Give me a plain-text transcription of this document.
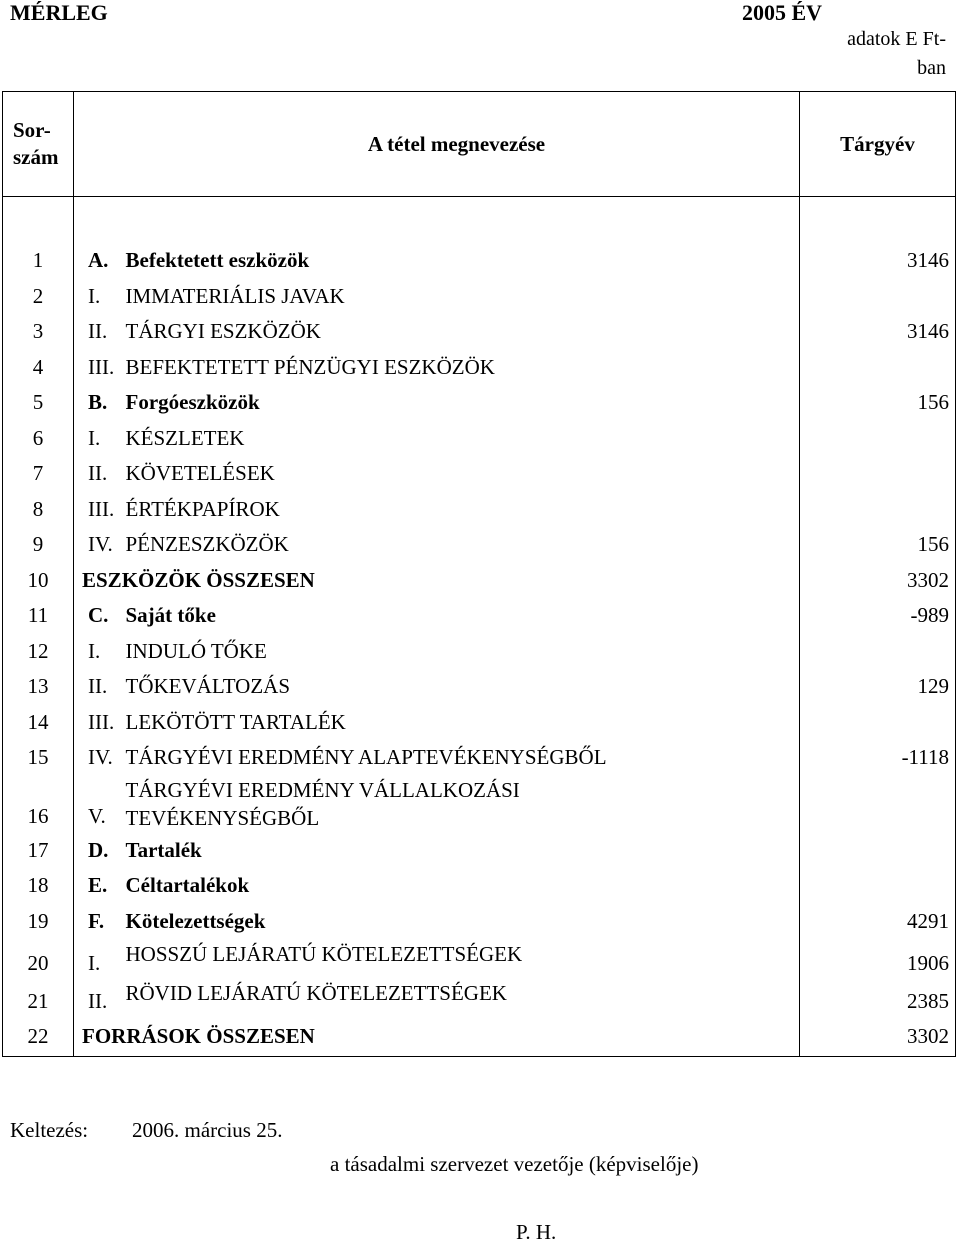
MÉRLEG	2005 ÉV
adatok E Ft-
ban
Sor-
szám	A tétel megnevezése		Tárgyév

1	A.	Befektetett eszközök	3146
2	I.	IMMATERIÁLIS JAVAK	
3	II.	TÁRGYI ESZKÖZÖK	3146
4	III.	BEFEKTETETT PÉNZÜGYI ESZKÖZÖK	
5	B.	Forgóeszközök	156
6	I.	KÉSZLETEK	
7	II.	KÖVETELÉSEK	
8	III.	ÉRTÉKPAPÍROK	
9	IV.	PÉNZESZKÖZÖK	156
10	ESZKÖZÖK ÖSSZESEN		3302
11	C.	Saját tőke	-989
12	I.	INDULÓ TŐKE	
13	II.	TŐKEVÁLTOZÁS	129
14	III.	LEKÖTÖTT TARTALÉK	
15	IV.	TÁRGYÉVI EREDMÉNY ALAPTEVÉKENYSÉGBŐL	-1118
16	V.	TÁRGYÉVI EREDMÉNY VÁLLALKOZÁSI
TEVÉKENYSÉGBŐL	

17	D.	Tartalék	
18	E.	Céltartalékok	
19	F.	Kötelezettségek	4291
20	I.	HOSSZÚ LEJÁRATÚ KÖTELEZETTSÉGEK	1906
21	II.	RÖVID LEJÁRATÚ KÖTELEZETTSÉGEK	2385
22	FORRÁSOK ÖSSZESEN		3302
Keltezés: 2006. március 25.
a tásadalmi szervezet vezetője (képviselője)
P. H.
